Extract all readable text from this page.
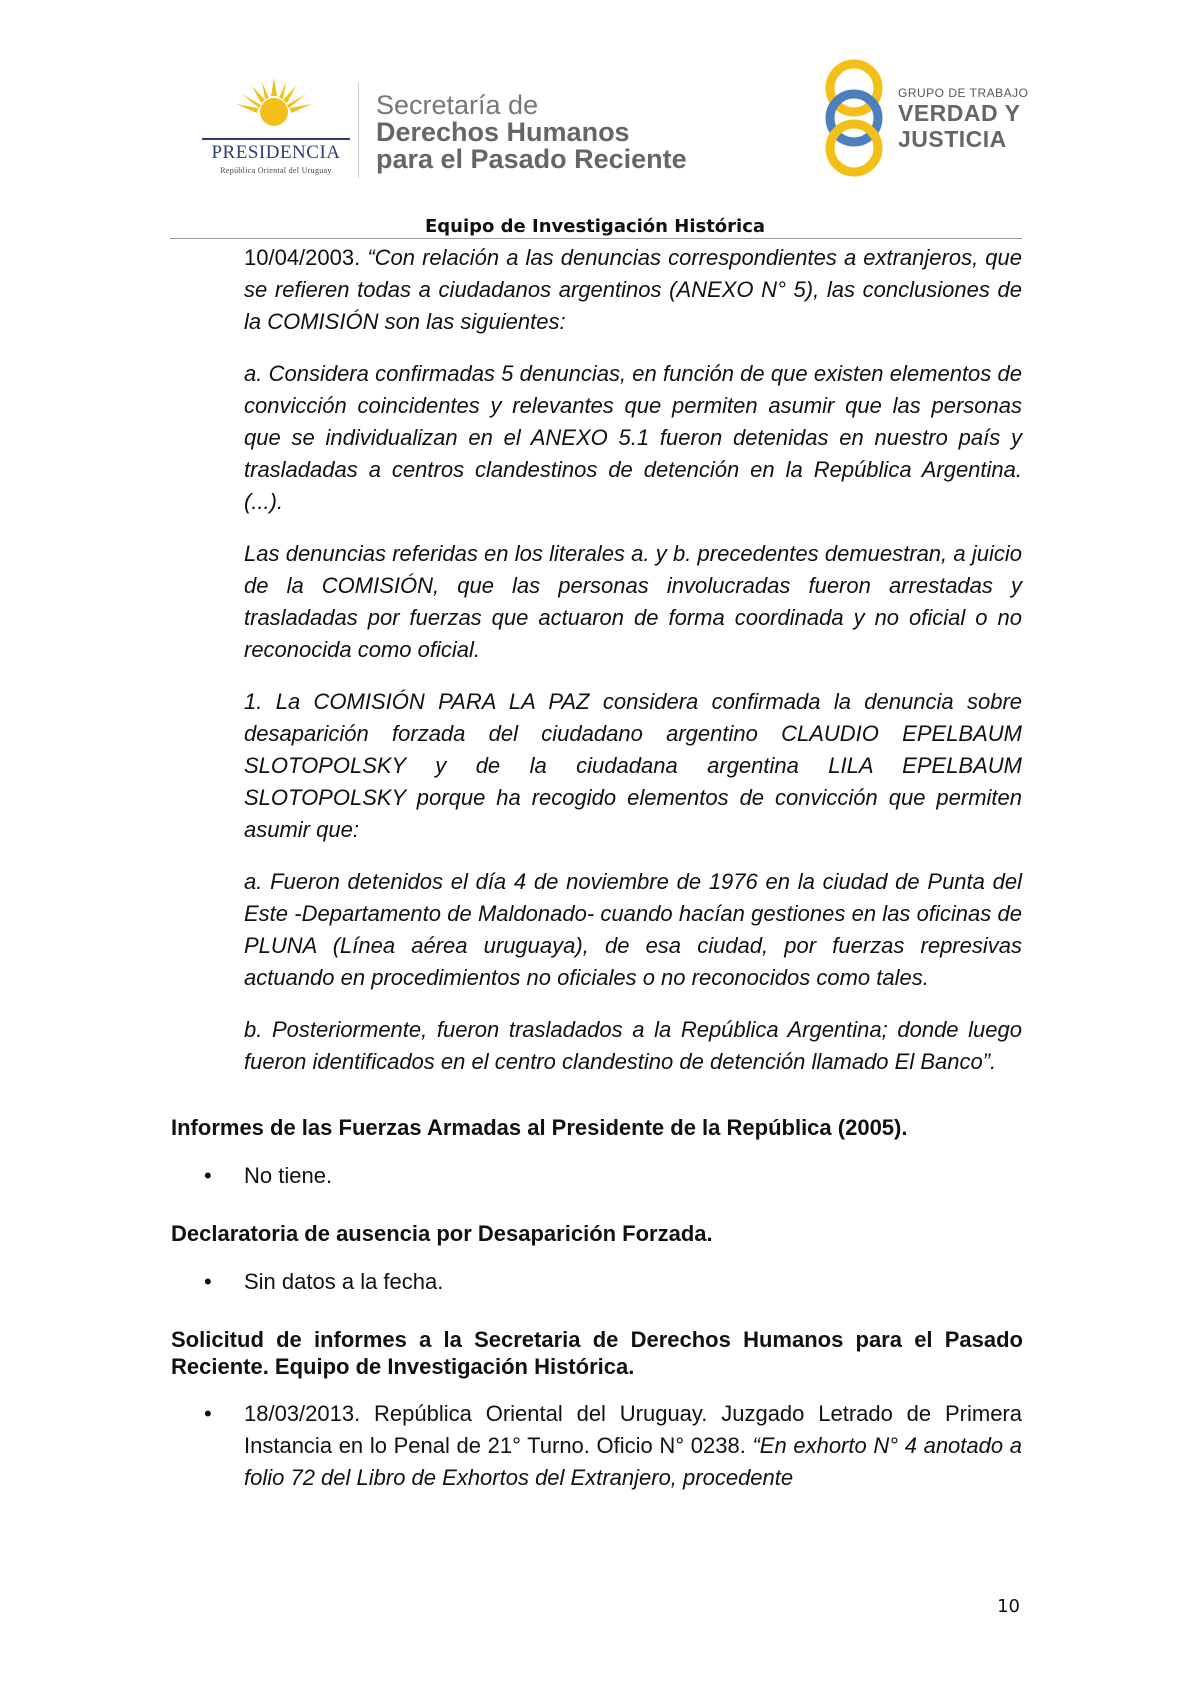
PRESIDENCIA
República Oriental del Uruguay
Secretaría de
Derechos Humanos
para el Pasado Reciente
GRUPO DE TRABAJO
VERDAD Y
JUSTICIA
Equipo de Investigación Histórica

10/04/2003. “Con relación a las denuncias correspondientes a extranjeros, que se refieren todas a ciudadanos argentinos (ANEXO N° 5), las conclusiones de la COMISIÓN son las siguientes:

a. Considera confirmadas 5 denuncias, en función de que existen elementos de convicción coincidentes y relevantes que permiten asumir que las personas que se individualizan en el ANEXO 5.1 fueron detenidas en nuestro país y trasladadas a centros clandestinos de detención en la República Argentina. (...).

Las denuncias referidas en los literales a. y b. precedentes demuestran, a juicio de la COMISIÓN, que las personas involucradas fueron arrestadas y trasladadas por fuerzas que actuaron de forma coordinada y no oficial o no reconocida como oficial.

1. La COMISIÓN PARA LA PAZ considera confirmada la denuncia sobre desaparición forzada del ciudadano argentino CLAUDIO EPELBAUM SLOTOPOLSKY y de la ciudadana argentina LILA EPELBAUM SLOTOPOLSKY porque ha recogido elementos de convicción que permiten asumir que:

a. Fueron detenidos el día 4 de noviembre de 1976 en la ciudad de Punta del Este -Departamento de Maldonado- cuando hacían gestiones en las oficinas de PLUNA (Línea aérea uruguaya), de esa ciudad, por fuerzas represivas actuando en procedimientos no oficiales o no reconocidos como tales.

b. Posteriormente, fueron trasladados a la República Argentina; donde luego fueron identificados en el centro clandestino de detención llamado El Banco”.

Informes de las Fuerzas Armadas al Presidente de la República (2005).

• No tiene.

Declaratoria de ausencia por Desaparición Forzada.

• Sin datos a la fecha.

Solicitud de informes a la Secretaria de Derechos Humanos para el Pasado Reciente. Equipo de Investigación Histórica.

• 18/03/2013. República Oriental del Uruguay. Juzgado Letrado de Primera Instancia en lo Penal de 21° Turno. Oficio N° 0238. “En exhorto N° 4 anotado a folio 72 del Libro de Exhortos del Extranjero, procedente

10
